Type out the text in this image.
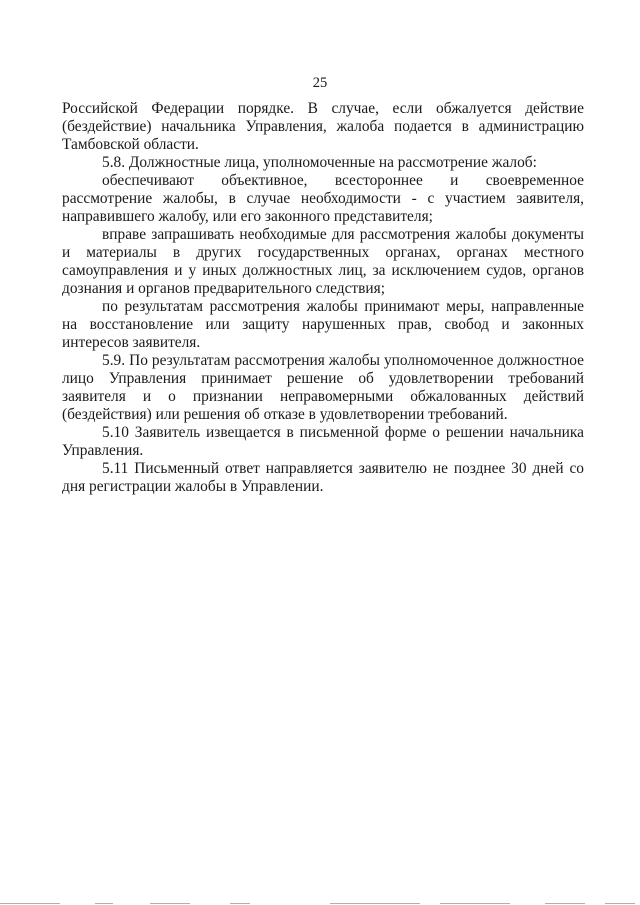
25

Российской Федерации порядке. В случае, если обжалуется действие (бездействие) начальника Управления, жалоба подается в администрацию Тамбовской области.

5.8. Должностные лица, уполномоченные на рассмотрение жалоб:

обеспечивают объективное, всестороннее и своевременное рассмотрение жалобы, в случае необходимости - с участием заявителя, направившего жалобу, или его законного представителя;

вправе запрашивать необходимые для рассмотрения жалобы документы и материалы в других государственных органах, органах местного самоуправления и у иных должностных лиц, за исключением судов, органов дознания и органов предварительного следствия;

по результатам рассмотрения жалобы принимают меры, направленные на восстановление или защиту нарушенных прав, свобод и законных интересов заявителя.

5.9. По результатам рассмотрения жалобы уполномоченное должностное лицо Управления принимает решение об удовлетворении требований заявителя и о признании неправомерными обжалованных действий (бездействия) или решения об отказе в удовлетворении требований.

5.10 Заявитель извещается в письменной форме о решении начальника Управления.

5.11 Письменный ответ направляется заявителю не позднее 30 дней со дня регистрации жалобы в Управлении.
